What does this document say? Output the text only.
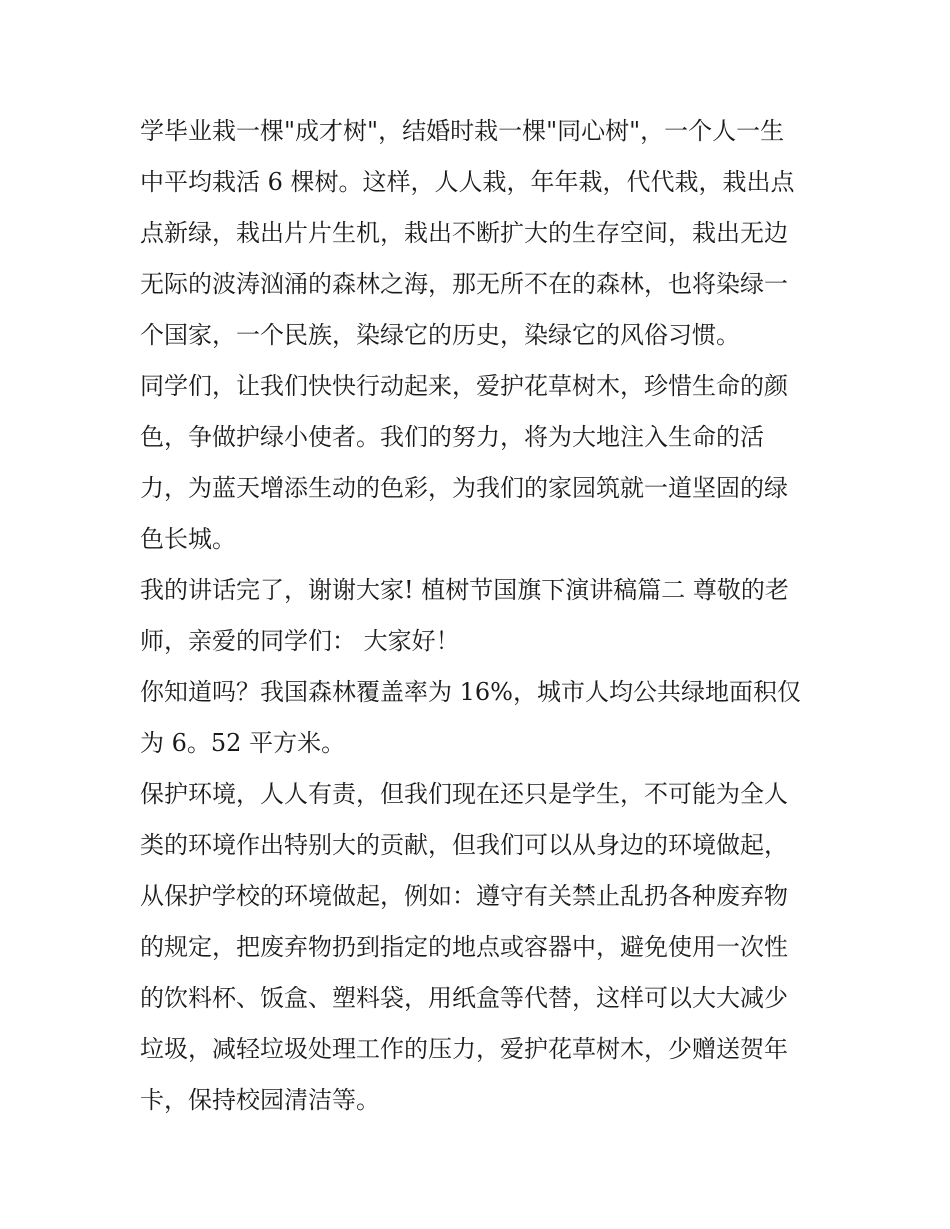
学毕业栽一棵"成才树"，结婚时栽一棵"同心树"，一个人一生
中平均栽活 6 棵树。这样，人人栽，年年栽，代代栽，栽出点
点新绿，栽出片片生机，栽出不断扩大的生存空间，栽出无边
无际的波涛汹涌的森林之海，那无所不在的森林，也将染绿一
个国家，一个民族，染绿它的历史，染绿它的风俗习惯。
同学们，让我们快快行动起来，爱护花草树木，珍惜生命的颜
色，争做护绿小使者。我们的努力，将为大地注入生命的活
力，为蓝天增添生动的色彩，为我们的家园筑就一道坚固的绿
色长城。
我的讲话完了，谢谢大家! 植树节国旗下演讲稿篇二 尊敬的老
师，亲爱的同学们： 大家好！
你知道吗？我国森林覆盖率为 16%，城市人均公共绿地面积仅
为 6。52 平方米。
保护环境，人人有责，但我们现在还只是学生，不可能为全人
类的环境作出特别大的贡献，但我们可以从身边的环境做起，
从保护学校的环境做起，例如：遵守有关禁止乱扔各种废弃物
的规定，把废弃物扔到指定的地点或容器中，避免使用一次性
的饮料杯、饭盒、塑料袋，用纸盒等代替，这样可以大大减少
垃圾，减轻垃圾处理工作的压力，爱护花草树木，少赠送贺年
卡，保持校园清洁等。
